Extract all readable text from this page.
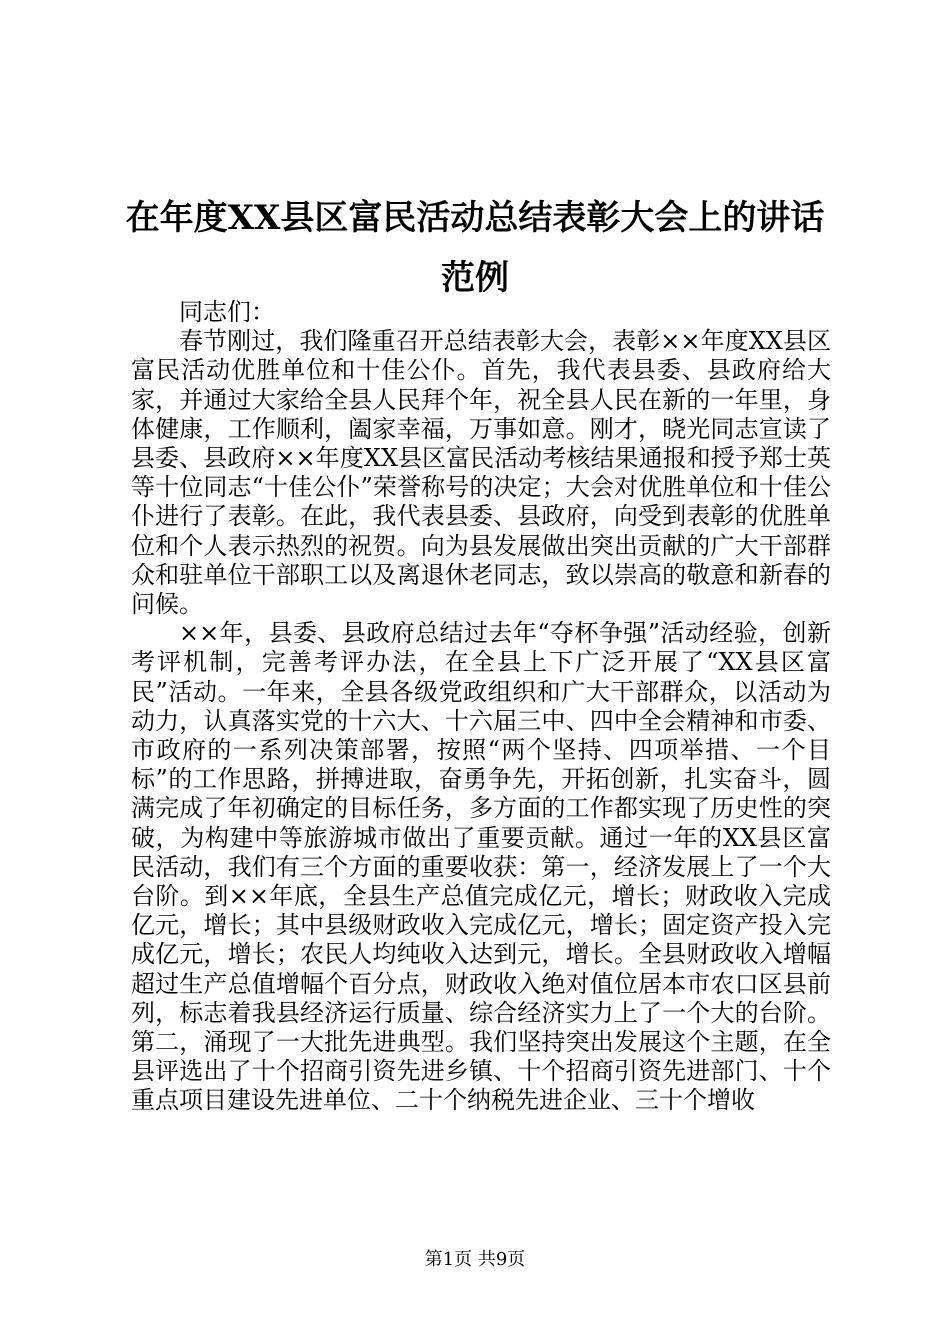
在年度XX县区富民活动总结表彰大会上的讲话范例

同志们：

春节刚过，我们隆重召开总结表彰大会，表彰××年度XX县区富民活动优胜单位和十佳公仆。首先，我代表县委、县政府给大家，并通过大家给全县人民拜个年，祝全县人民在新的一年里，身体健康，工作顺利，阖家幸福，万事如意。刚才，晓光同志宣读了县委、县政府××年度XX县区富民活动考核结果通报和授予郑士英等十位同志“十佳公仆”荣誉称号的决定；大会对优胜单位和十佳公仆进行了表彰。在此，我代表县委、县政府，向受到表彰的优胜单位和个人表示热烈的祝贺。向为县发展做出突出贡献的广大干部群众和驻单位干部职工以及离退休老同志，致以崇高的敬意和新春的问候。

××年，县委、县政府总结过去年“夺杯争强”活动经验，创新考评机制，完善考评办法，在全县上下广泛开展了“XX县区富民”活动。一年来，全县各级党政组织和广大干部群众，以活动为动力，认真落实党的十六大、十六届三中、四中全会精神和市委、市政府的一系列决策部署，按照“两个坚持、四项举措、一个目标”的工作思路，拼搏进取，奋勇争先，开拓创新，扎实奋斗，圆满完成了年初确定的目标任务，多方面的工作都实现了历史性的突破，为构建中等旅游城市做出了重要贡献。通过一年的XX县区富民活动，我们有三个方面的重要收获：第一，经济发展上了一个大台阶。到××年底，全县生产总值完成亿元，增长；财政收入完成亿元，增长；其中县级财政收入完成亿元，增长；固定资产投入完成亿元，增长；农民人均纯收入达到元，增长。全县财政收入增幅超过生产总值增幅个百分点，财政收入绝对值位居本市农口区县前列，标志着我县经济运行质量、综合经济实力上了一个大的台阶。第二，涌现了一大批先进典型。我们坚持突出发展这个主题，在全县评选出了十个招商引资先进乡镇、十个招商引资先进部门、十个重点项目建设先进单位、二十个纳税先进企业、三十个增收

第1页 共9页
